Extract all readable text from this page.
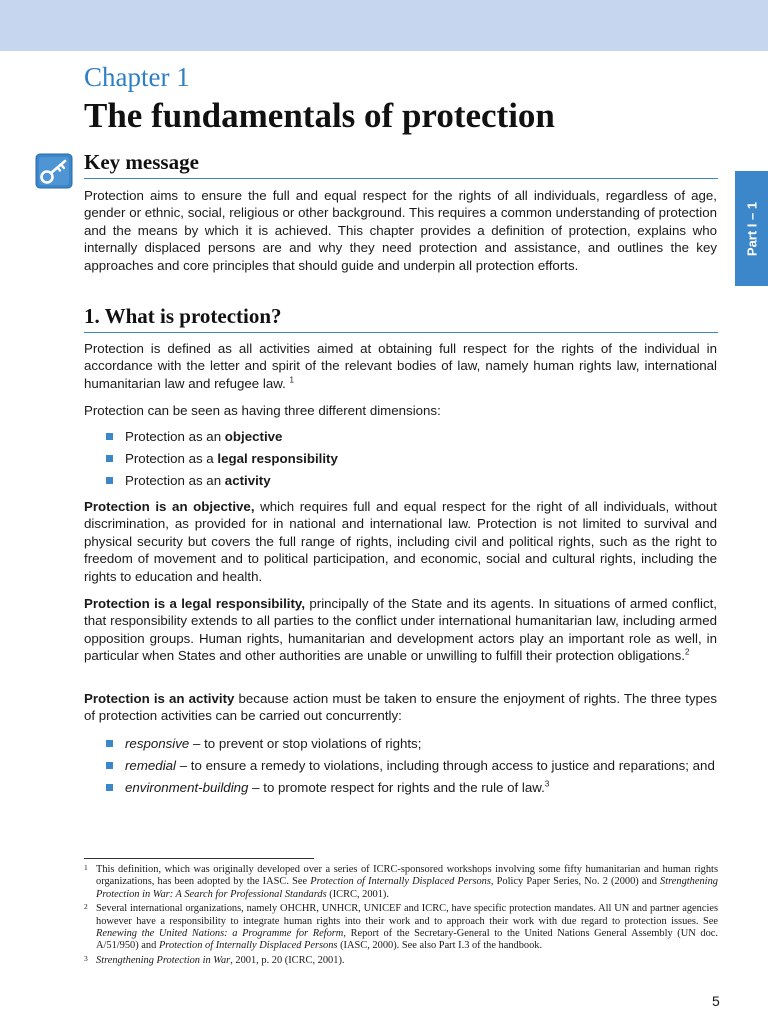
Part I – 1
Chapter 1
The fundamentals of protection
Key message

Protection aims to ensure the full and equal respect for the rights of all individuals, regardless of age, gender or ethnic, social, religious or other background. This requires a common understanding of protection and the means by which it is achieved. This chapter provides a definition of protection, explains who internally displaced persons are and why they need protection and assistance, and outlines the key approaches and core principles that should guide and underpin all protection efforts.

1. What is protection?

Protection is defined as all activities aimed at obtaining full respect for the rights of the individual in accordance with the letter and spirit of the relevant bodies of law, namely human rights law, international humanitarian law and refugee law. $^1$

Protection can be seen as having three different dimensions:

Protection as an objective
Protection as a legal responsibility
Protection as an activity

Protection is an objective, which requires full and equal respect for the right of all individuals, without discrimination, as provided for in national and international law. Protection is not limited to survival and physical security but covers the full range of rights, including civil and political rights, such as the right to freedom of movement and to political participation, and economic, social and cultural rights, including the rights to education and health.

Protection is a legal responsibility, principally of the State and its agents. In situations of armed conflict, that responsibility extends to all parties to the conflict under international humanitarian law, including armed opposition groups. Human rights, humanitarian and development actors play an important role as well, in particular when States and other authorities are unable or unwilling to fulfill their protection obligations.$^2$

Protection is an activity because action must be taken to ensure the enjoyment of rights. The three types of protection activities can be carried out concurrently:

responsive – to prevent or stop violations of rights;
remedial – to ensure a remedy to violations, including through access to justice and reparations; and
environment-building – to promote respect for rights and the rule of law.$^3$
1 This definition, which was originally developed over a series of ICRC-sponsored workshops involving some fifty humanitarian and human rights organizations, has been adopted by the IASC. See Protection of Internally Displaced Persons, Policy Paper Series, No. 2 (2000) and Strengthening Protection in War: A Search for Professional Standards (ICRC, 2001).
2 Several international organizations, namely OHCHR, UNHCR, UNICEF and ICRC, have specific protection mandates. All UN and partner agencies however have a responsibility to integrate human rights into their work and to approach their work with due regard to protection issues. See Renewing the United Nations: a Programme for Reform, Report of the Secretary-General to the United Nations General Assembly (UN doc. A/51/950) and Protection of Internally Displaced Persons (IASC, 2000). See also Part I.3 of the handbook.
3 Strengthening Protection in War, 2001, p. 20 (ICRC, 2001).
5
